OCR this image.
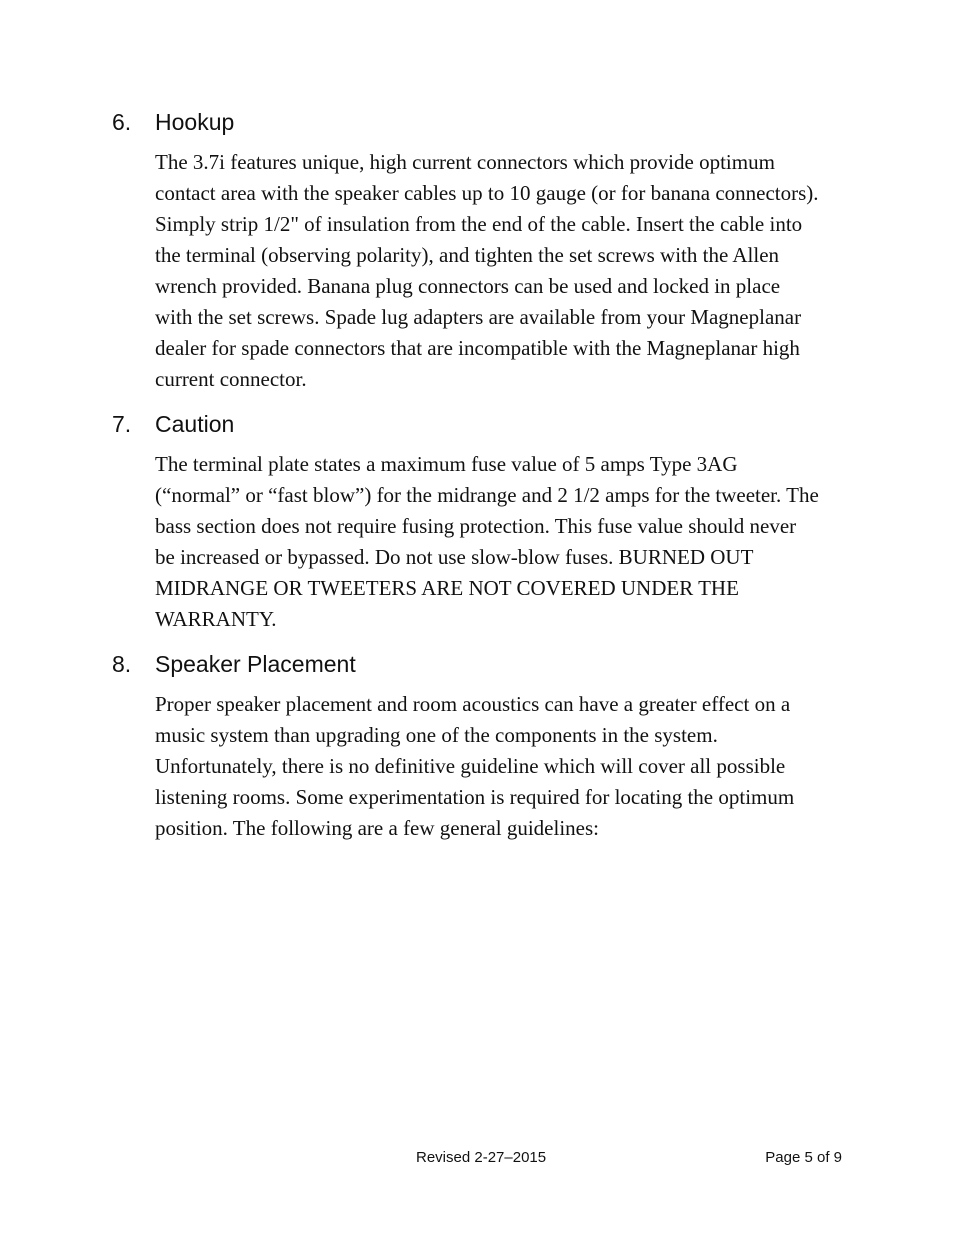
6.	Hookup
The 3.7i features unique, high current connectors which provide optimum
contact area with the speaker cables up to 10 gauge (or for banana connectors).
Simply strip 1/2" of insulation from the end of the cable. Insert the cable into
the terminal (observing polarity), and tighten the set screws with the Allen
wrench provided. Banana plug connectors can be used and locked in place
with the set screws. Spade lug adapters are available from your Magneplanar
dealer for spade connectors that are incompatible with the Magneplanar high
current connector.
7.	Caution
The terminal plate states a maximum fuse value of 5 amps Type 3AG
(“normal” or “fast blow”) for the midrange and 2 1/2 amps for the tweeter. The
bass section does not require fusing protection. This fuse value should never
be increased or bypassed. Do not use slow-blow fuses. BURNED OUT
MIDRANGE OR TWEETERS ARE NOT COVERED UNDER THE
WARRANTY.
8.	Speaker Placement
Proper speaker placement and room acoustics can have a greater effect on a
music system than upgrading one of the components in the system.
Unfortunately, there is no definitive guideline which will cover all possible
listening rooms. Some experimentation is required for locating the optimum
position. The following are a few general guidelines:
Revised 2-27–2015	Page 5 of 9
